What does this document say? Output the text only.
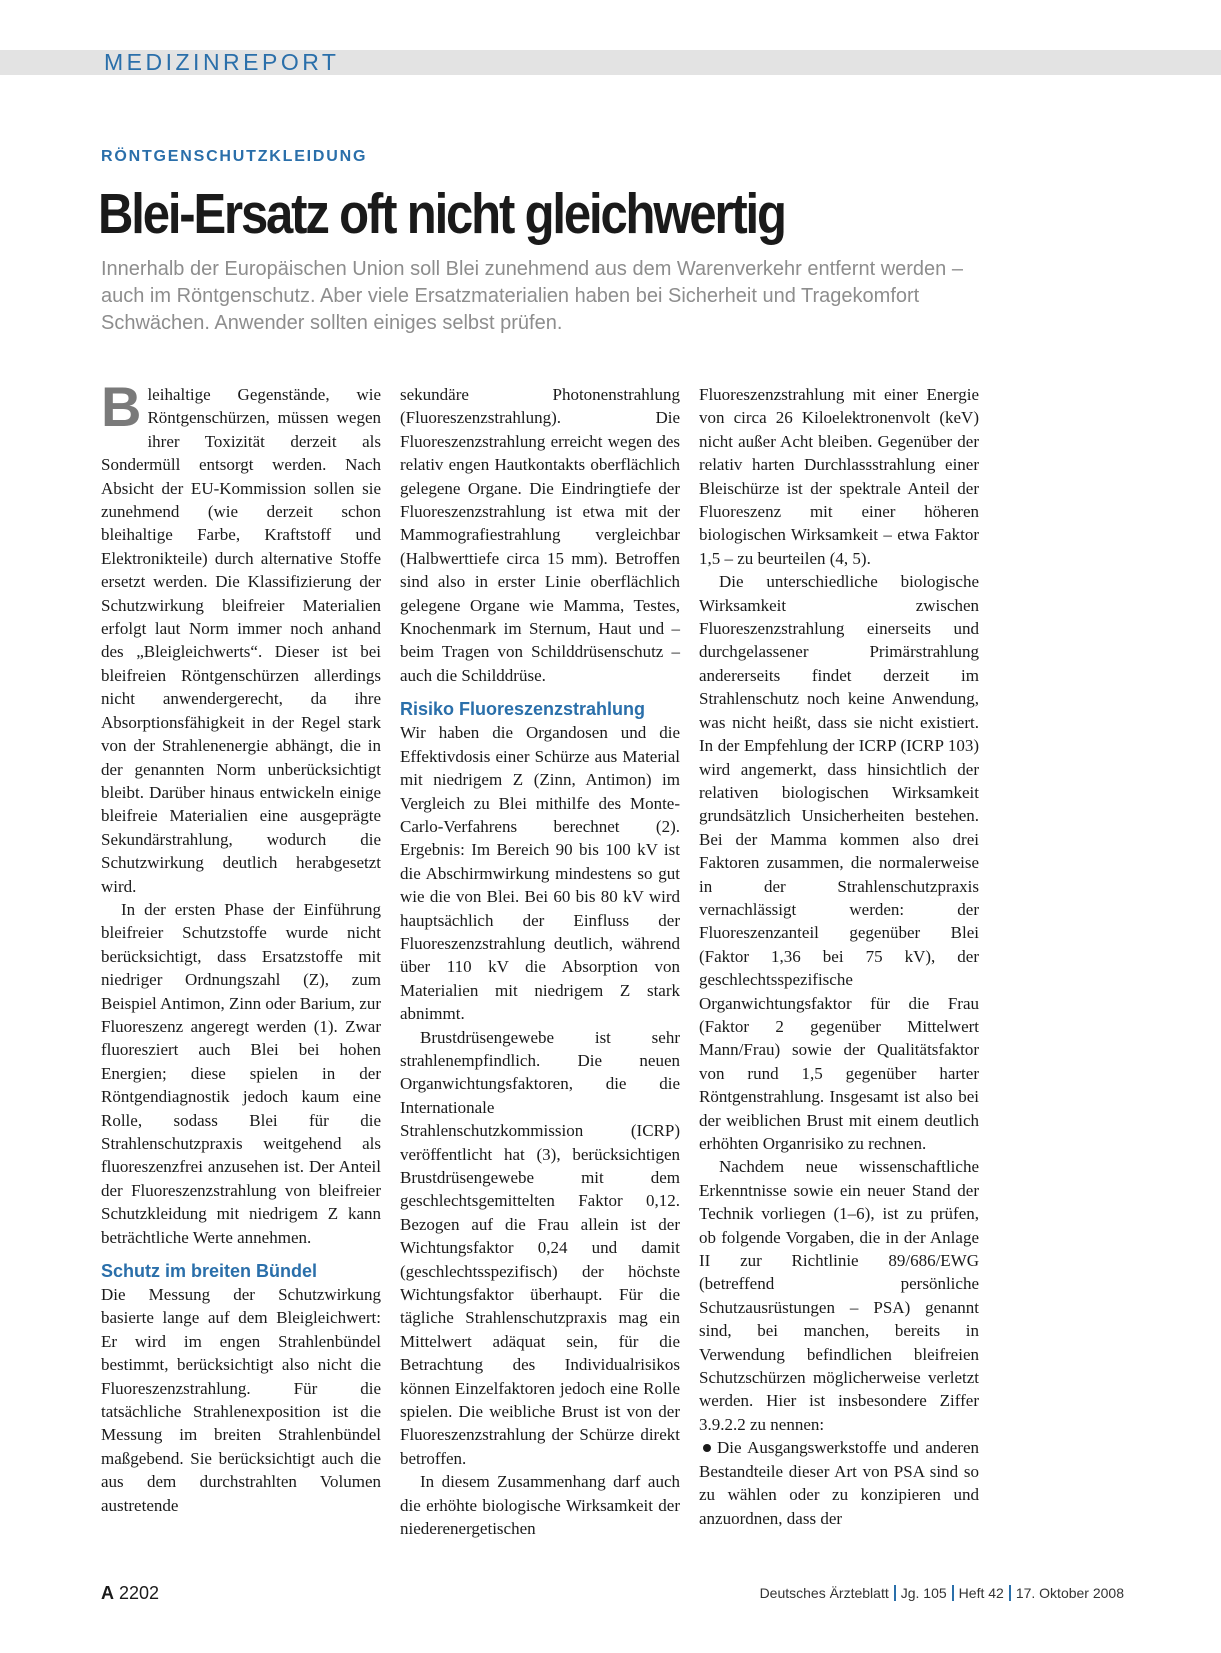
MEDIZINREPORT
RÖNTGENSCHUTZKLEIDUNG
Blei-Ersatz oft nicht gleichwertig

Innerhalb der Europäischen Union soll Blei zunehmend aus dem Warenverkehr entfernt werden – auch im Röntgenschutz. Aber viele Ersatzmaterialien haben bei Sicherheit und Tragekomfort Schwächen. Anwender sollten einiges selbst prüfen.

Bleihaltige Gegenstände, wie Röntgenschürzen, müssen wegen ihrer Toxizität derzeit als Sondermüll entsorgt werden. Nach Absicht der EU-Kommission sollen sie zunehmend (wie derzeit schon bleihaltige Farbe, Kraftstoff und Elektronikteile) durch alternative Stoffe ersetzt werden. Die Klassifizierung der Schutzwirkung bleifreier Materialien erfolgt laut Norm immer noch anhand des „Bleigleichwerts“. Dieser ist bei bleifreien Röntgenschürzen allerdings nicht anwendergerecht, da ihre Absorptionsfähigkeit in der Regel stark von der Strahlenenergie abhängt, die in der genannten Norm unberücksichtigt bleibt. Darüber hinaus entwickeln einige bleifreie Materialien eine ausgeprägte Sekundärstrahlung, wodurch die Schutzwirkung deutlich herabgesetzt wird.

In der ersten Phase der Einführung bleifreier Schutzstoffe wurde nicht berücksichtigt, dass Ersatzstoffe mit niedriger Ordnungszahl (Z), zum Beispiel Antimon, Zinn oder Barium, zur Fluoreszenz angeregt werden (1). Zwar fluoresziert auch Blei bei hohen Energien; diese spielen in der Röntgendiagnostik jedoch kaum eine Rolle, sodass Blei für die Strahlenschutzpraxis weitgehend als fluoreszenzfrei anzusehen ist. Der Anteil der Fluoreszenzstrahlung von bleifreier Schutzkleidung mit niedrigem Z kann beträchtliche Werte annehmen.

Schutz im breiten Bündel

Die Messung der Schutzwirkung basierte lange auf dem Bleigleichwert: Er wird im engen Strahlenbündel bestimmt, berücksichtigt also nicht die Fluoreszenzstrahlung. Für die tatsächliche Strahlenexposition ist die Messung im breiten Strahlenbündel maßgebend. Sie berücksichtigt auch die aus dem durchstrahlten Volumen austretende

sekundäre Photonenstrahlung (Fluoreszenzstrahlung). Die Fluoreszenzstrahlung erreicht wegen des relativ engen Hautkontakts oberflächlich gelegene Organe. Die Eindringtiefe der Fluoreszenzstrahlung ist etwa mit der Mammografiestrahlung vergleichbar (Halbwerttiefe circa 15 mm). Betroffen sind also in erster Linie oberflächlich gelegene Organe wie Mamma, Testes, Knochenmark im Sternum, Haut und – beim Tragen von Schilddrüsenschutz – auch die Schilddrüse.

Risiko Fluoreszenzstrahlung

Wir haben die Organdosen und die Effektivdosis einer Schürze aus Material mit niedrigem Z (Zinn, Antimon) im Vergleich zu Blei mithilfe des Monte-Carlo-Verfahrens berechnet (2). Ergebnis: Im Bereich 90 bis 100 kV ist die Abschirmwirkung mindestens so gut wie die von Blei. Bei 60 bis 80 kV wird hauptsächlich der Einfluss der Fluoreszenzstrahlung deutlich, während über 110 kV die Absorption von Materialien mit niedrigem Z stark abnimmt.

Brustdrüsengewebe ist sehr strahlenempfindlich. Die neuen Organwichtungsfaktoren, die die Internationale Strahlenschutzkommission (ICRP) veröffentlicht hat (3), berücksichtigen Brustdrüsengewebe mit dem geschlechtsgemittelten Faktor 0,12. Bezogen auf die Frau allein ist der Wichtungsfaktor 0,24 und damit (geschlechtsspezifisch) der höchste Wichtungsfaktor überhaupt. Für die tägliche Strahlenschutzpraxis mag ein Mittelwert adäquat sein, für die Betrachtung des Individualrisikos können Einzelfaktoren jedoch eine Rolle spielen. Die weibliche Brust ist von der Fluoreszenzstrahlung der Schürze direkt betroffen.

In diesem Zusammenhang darf auch die erhöhte biologische Wirksamkeit der niederenergetischen

Fluoreszenzstrahlung mit einer Energie von circa 26 Kiloelektronenvolt (keV) nicht außer Acht bleiben. Gegenüber der relativ harten Durchlassstrahlung einer Bleischürze ist der spektrale Anteil der Fluoreszenz mit einer höheren biologischen Wirksamkeit – etwa Faktor 1,5 – zu beurteilen (4, 5).

Die unterschiedliche biologische Wirksamkeit zwischen Fluoreszenzstrahlung einerseits und durchgelassener Primärstrahlung andererseits findet derzeit im Strahlenschutz noch keine Anwendung, was nicht heißt, dass sie nicht existiert. In der Empfehlung der ICRP (ICRP 103) wird angemerkt, dass hinsichtlich der relativen biologischen Wirksamkeit grundsätzlich Unsicherheiten bestehen. Bei der Mamma kommen also drei Faktoren zusammen, die normalerweise in der Strahlenschutzpraxis vernachlässigt werden: der Fluoreszenzanteil gegenüber Blei (Faktor 1,36 bei 75 kV), der geschlechtsspezifische Organwichtungsfaktor für die Frau (Faktor 2 gegenüber Mittelwert Mann/Frau) sowie der Qualitätsfaktor von rund 1,5 gegenüber harter Röntgenstrahlung. Insgesamt ist also bei der weiblichen Brust mit einem deutlich erhöhten Organrisiko zu rechnen.

Nachdem neue wissenschaftliche Erkenntnisse sowie ein neuer Stand der Technik vorliegen (1–6), ist zu prüfen, ob folgende Vorgaben, die in der Anlage II zur Richtlinie 89/686/EWG (betreffend persönliche Schutzausrüstungen – PSA) genannt sind, bei manchen, bereits in Verwendung befindlichen bleifreien Schutzschürzen möglicherweise verletzt werden. Hier ist insbesondere Ziffer 3.9.2.2 zu nennen:

Die Ausgangswerkstoffe und anderen Bestandteile dieser Art von PSA sind so zu wählen oder zu konzipieren und anzuordnen, dass der

A 2202	Deutsches Ärzteblatt Jg. 105 Heft 42 17. Oktober 2008
